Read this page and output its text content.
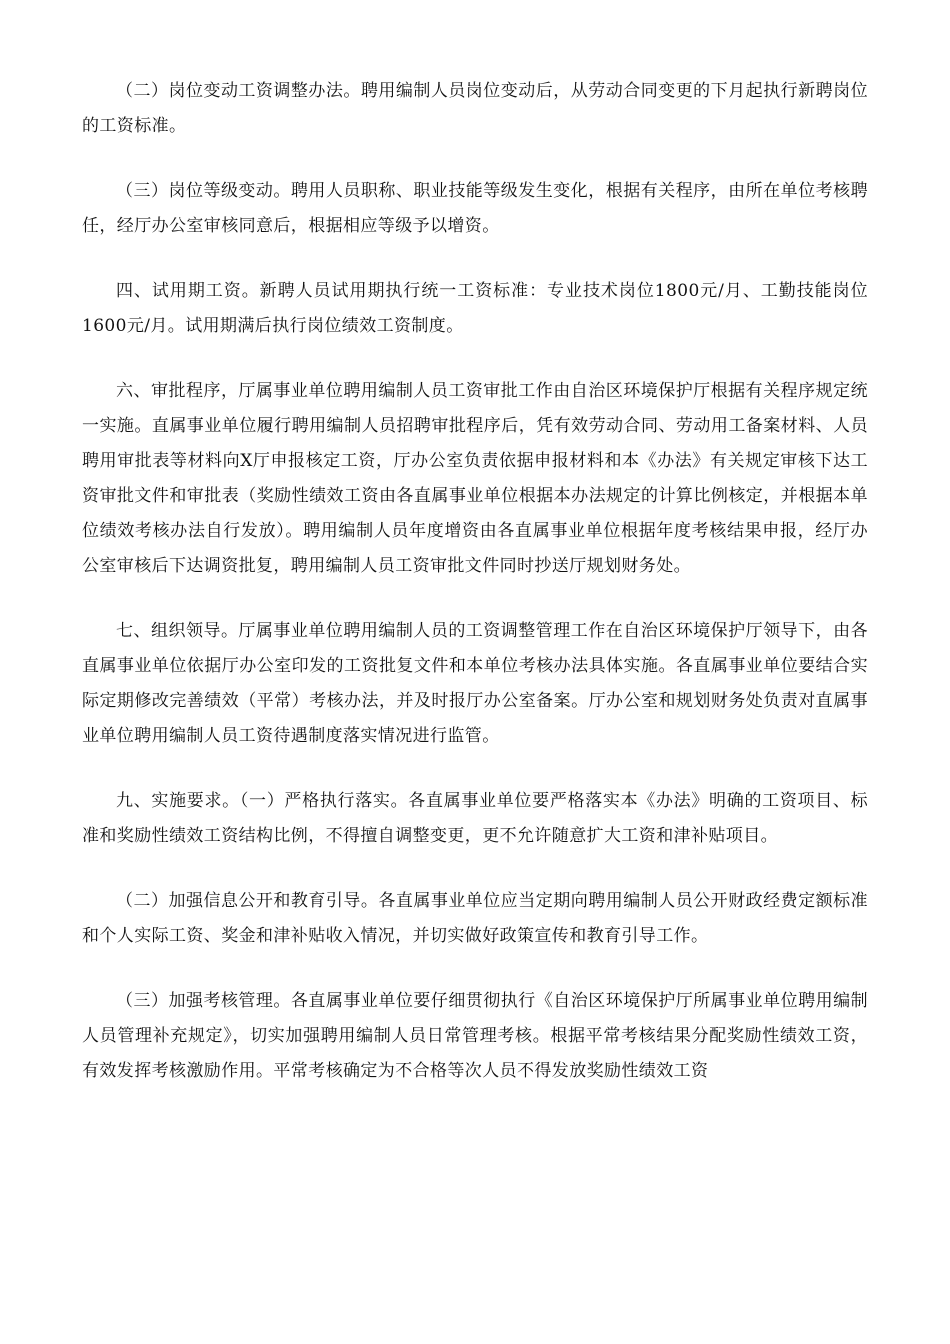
（二）岗位变动工资调整办法。聘用编制人员岗位变动后，从劳动合同变更的下月起执行新聘岗位的工资标准。

（三）岗位等级变动。聘用人员职称、职业技能等级发生变化，根据有关程序，由所在单位考核聘任，经厅办公室审核同意后，根据相应等级予以增资。

四、试用期工资。新聘人员试用期执行统一工资标准：专业技术岗位1800元/月、工勤技能岗位1600元/月。试用期满后执行岗位绩效工资制度。

六、审批程序，厅属事业单位聘用编制人员工资审批工作由自治区环境保护厅根据有关程序规定统一实施。直属事业单位履行聘用编制人员招聘审批程序后，凭有效劳动合同、劳动用工备案材料、人员聘用审批表等材料向X厅申报核定工资，厅办公室负责依据申报材料和本《办法》有关规定审核下达工资审批文件和审批表（奖励性绩效工资由各直属事业单位根据本办法规定的计算比例核定，并根据本单位绩效考核办法自行发放）。聘用编制人员年度增资由各直属事业单位根据年度考核结果申报，经厅办公室审核后下达调资批复，聘用编制人员工资审批文件同时抄送厅规划财务处。

七、组织领导。厅属事业单位聘用编制人员的工资调整管理工作在自治区环境保护厅领导下，由各直属事业单位依据厅办公室印发的工资批复文件和本单位考核办法具体实施。各直属事业单位要结合实际定期修改完善绩效（平常）考核办法，并及时报厅办公室备案。厅办公室和规划财务处负责对直属事业单位聘用编制人员工资待遇制度落实情况进行监管。

九、实施要求。（一）严格执行落实。各直属事业单位要严格落实本《办法》明确的工资项目、标准和奖励性绩效工资结构比例，不得擅自调整变更，更不允许随意扩大工资和津补贴项目。

（二）加强信息公开和教育引导。各直属事业单位应当定期向聘用编制人员公开财政经费定额标准和个人实际工资、奖金和津补贴收入情况，并切实做好政策宣传和教育引导工作。

（三）加强考核管理。各直属事业单位要仔细贯彻执行《自治区环境保护厅所属事业单位聘用编制人员管理补充规定》，切实加强聘用编制人员日常管理考核。根据平常考核结果分配奖励性绩效工资，有效发挥考核激励作用。平常考核确定为不合格等次人员不得发放奖励性绩效工资
